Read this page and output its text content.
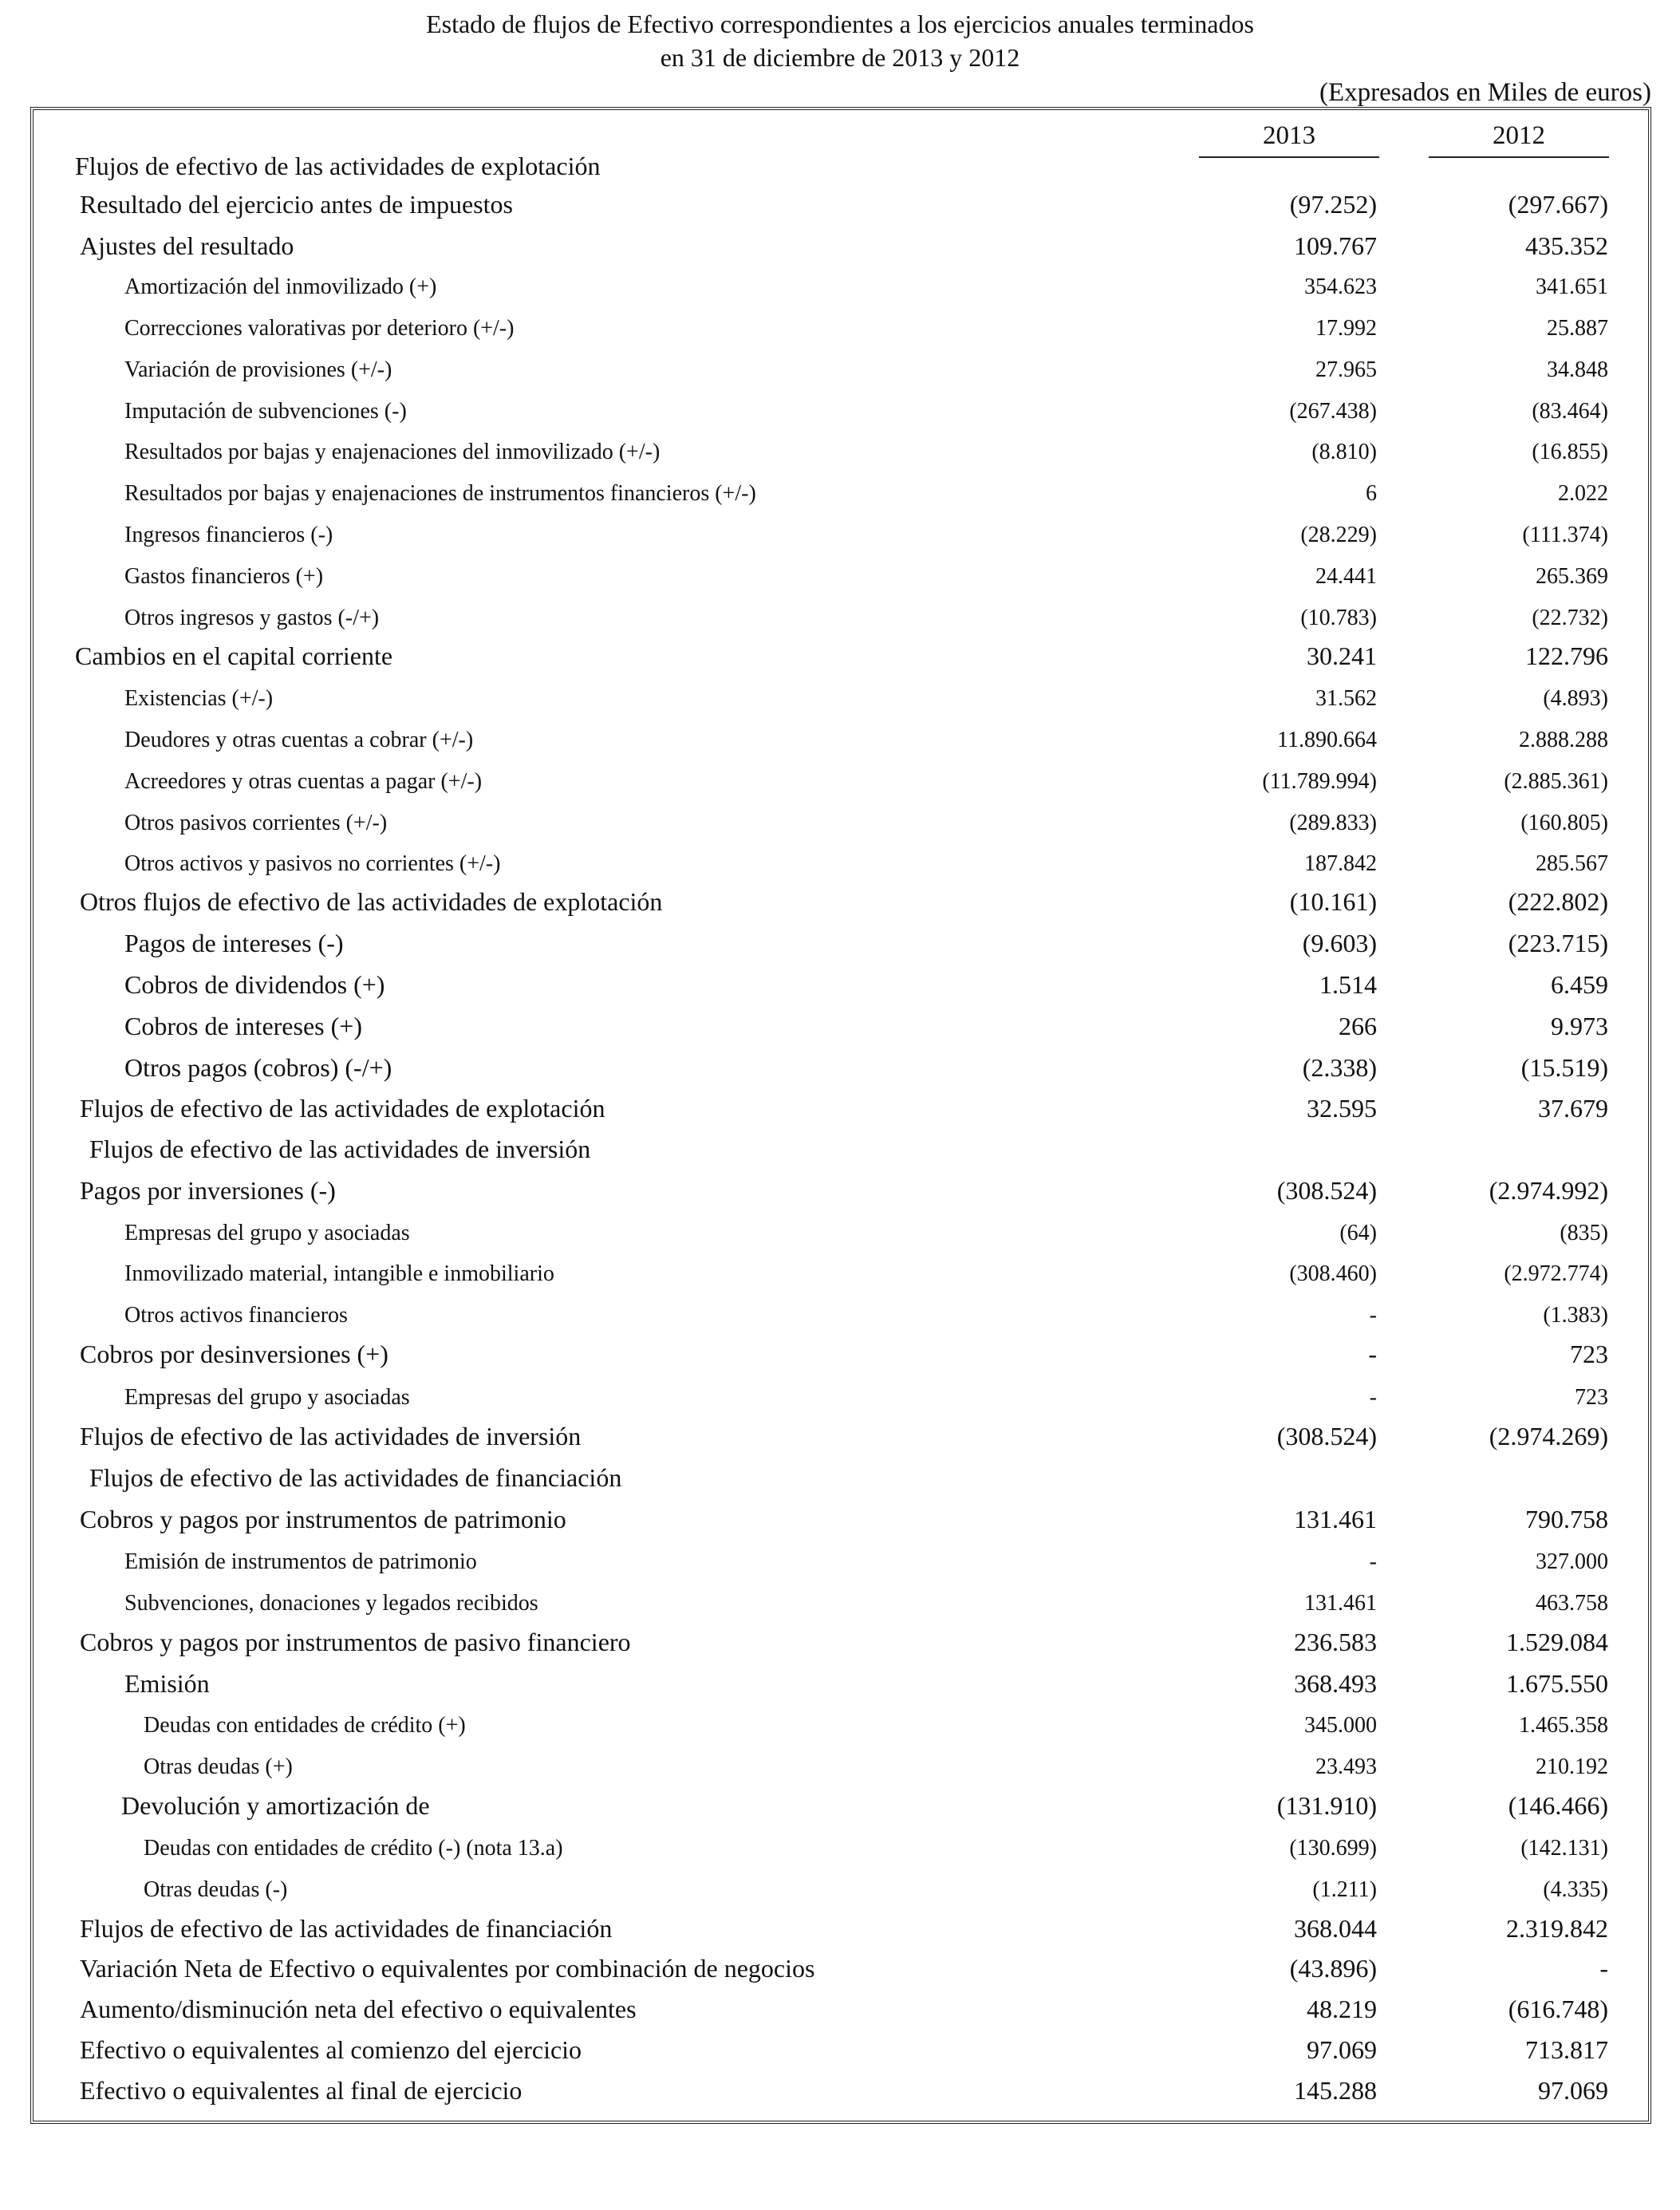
Estado de flujos de Efectivo correspondientes a los ejercicios anuales terminados
en 31 de diciembre de 2013 y 2012
(Expresados en Miles de euros)
2013	2012
Flujos de efectivo de las actividades de explotación
Resultado del ejercicio antes de impuestos	(97.252)	(297.667)
Ajustes del resultado	109.767	435.352
Amortización del inmovilizado (+)	354.623	341.651
Correcciones valorativas por deterioro (+/-)	17.992	25.887
Variación de provisiones (+/-)	27.965	34.848
Imputación de subvenciones (-)	(267.438)	(83.464)
Resultados por bajas y enajenaciones del inmovilizado (+/-)	(8.810)	(16.855)
Resultados por bajas y enajenaciones de instrumentos financieros (+/-)	6	2.022
Ingresos financieros (-)	(28.229)	(111.374)
Gastos financieros (+)	24.441	265.369
Otros ingresos y gastos (-/+)	(10.783)	(22.732)
Cambios en el capital corriente	30.241	122.796
Existencias (+/-)	31.562	(4.893)
Deudores y otras cuentas a cobrar (+/-)	11.890.664	2.888.288
Acreedores y otras cuentas a pagar (+/-)	(11.789.994)	(2.885.361)
Otros pasivos corrientes (+/-)	(289.833)	(160.805)
Otros activos y pasivos no corrientes (+/-)	187.842	285.567
Otros flujos de efectivo de las actividades de explotación	(10.161)	(222.802)
Pagos de intereses (-)	(9.603)	(223.715)
Cobros de dividendos (+)	1.514	6.459
Cobros de intereses (+)	266	9.973
Otros pagos (cobros) (-/+)	(2.338)	(15.519)
Flujos de efectivo de las actividades de explotación	32.595	37.679
Flujos de efectivo de las actividades de inversión
Pagos por inversiones (-)	(308.524)	(2.974.992)
Empresas del grupo y asociadas	(64)	(835)
Inmovilizado material, intangible e inmobiliario	(308.460)	(2.972.774)
Otros activos financieros	-	(1.383)
Cobros por desinversiones (+)	-	723
Empresas del grupo y asociadas	-	723
Flujos de efectivo de las actividades de inversión	(308.524)	(2.974.269)
Flujos de efectivo de las actividades de financiación
Cobros y pagos por instrumentos de patrimonio	131.461	790.758
Emisión de instrumentos de patrimonio	-	327.000
Subvenciones, donaciones y legados recibidos	131.461	463.758
Cobros y pagos por instrumentos de pasivo financiero	236.583	1.529.084
Emisión	368.493	1.675.550
Deudas con entidades de crédito (+)	345.000	1.465.358
Otras deudas (+)	23.493	210.192
Devolución y amortización de	(131.910)	(146.466)
Deudas con entidades de crédito (-) (nota 13.a)	(130.699)	(142.131)
Otras deudas (-)	(1.211)	(4.335)
Flujos de efectivo de las actividades de financiación	368.044	2.319.842
Variación Neta de Efectivo o equivalentes por combinación de negocios	(43.896)	-
Aumento/disminución neta del efectivo o equivalentes	48.219	(616.748)
Efectivo o equivalentes al comienzo del ejercicio	97.069	713.817
Efectivo o equivalentes al final de ejercicio	145.288	97.069
